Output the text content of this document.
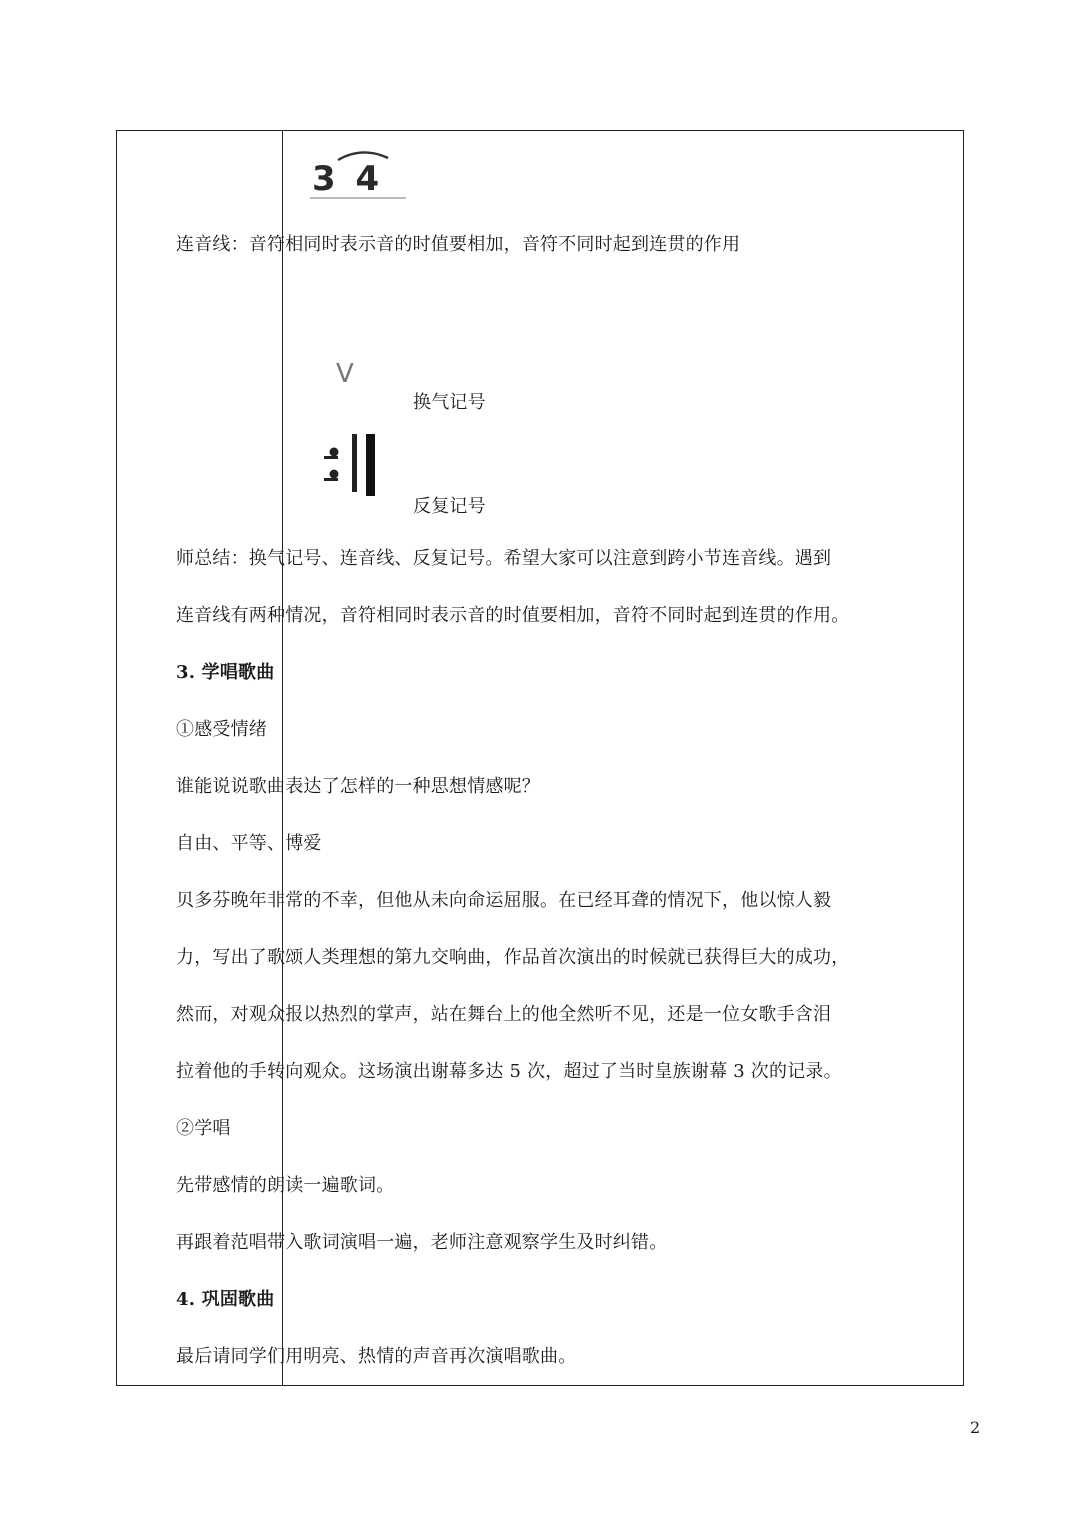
3 4
连音线：音符相同时表示音的时值要相加，音符不同时起到连贯的作用
V
换气记号
反复记号
师总结：换气记号、连音线、反复记号。希望大家可以注意到跨小节连音线。遇到
连音线有两种情况，音符相同时表示音的时值要相加，音符不同时起到连贯的作用。
3. 学唱歌曲
①感受情绪
谁能说说歌曲表达了怎样的一种思想情感呢？
自由、平等、博爱
贝多芬晚年非常的不幸，但他从未向命运屈服。在已经耳聋的情况下，他以惊人毅
力，写出了歌颂人类理想的第九交响曲，作品首次演出的时候就已获得巨大的成功，
然而，对观众报以热烈的掌声，站在舞台上的他全然听不见，还是一位女歌手含泪
拉着他的手转向观众。这场演出谢幕多达 5 次，超过了当时皇族谢幕 3 次的记录。
②学唱
先带感情的朗读一遍歌词。
再跟着范唱带入歌词演唱一遍，老师注意观察学生及时纠错。
4. 巩固歌曲
最后请同学们用明亮、热情的声音再次演唱歌曲。
2
